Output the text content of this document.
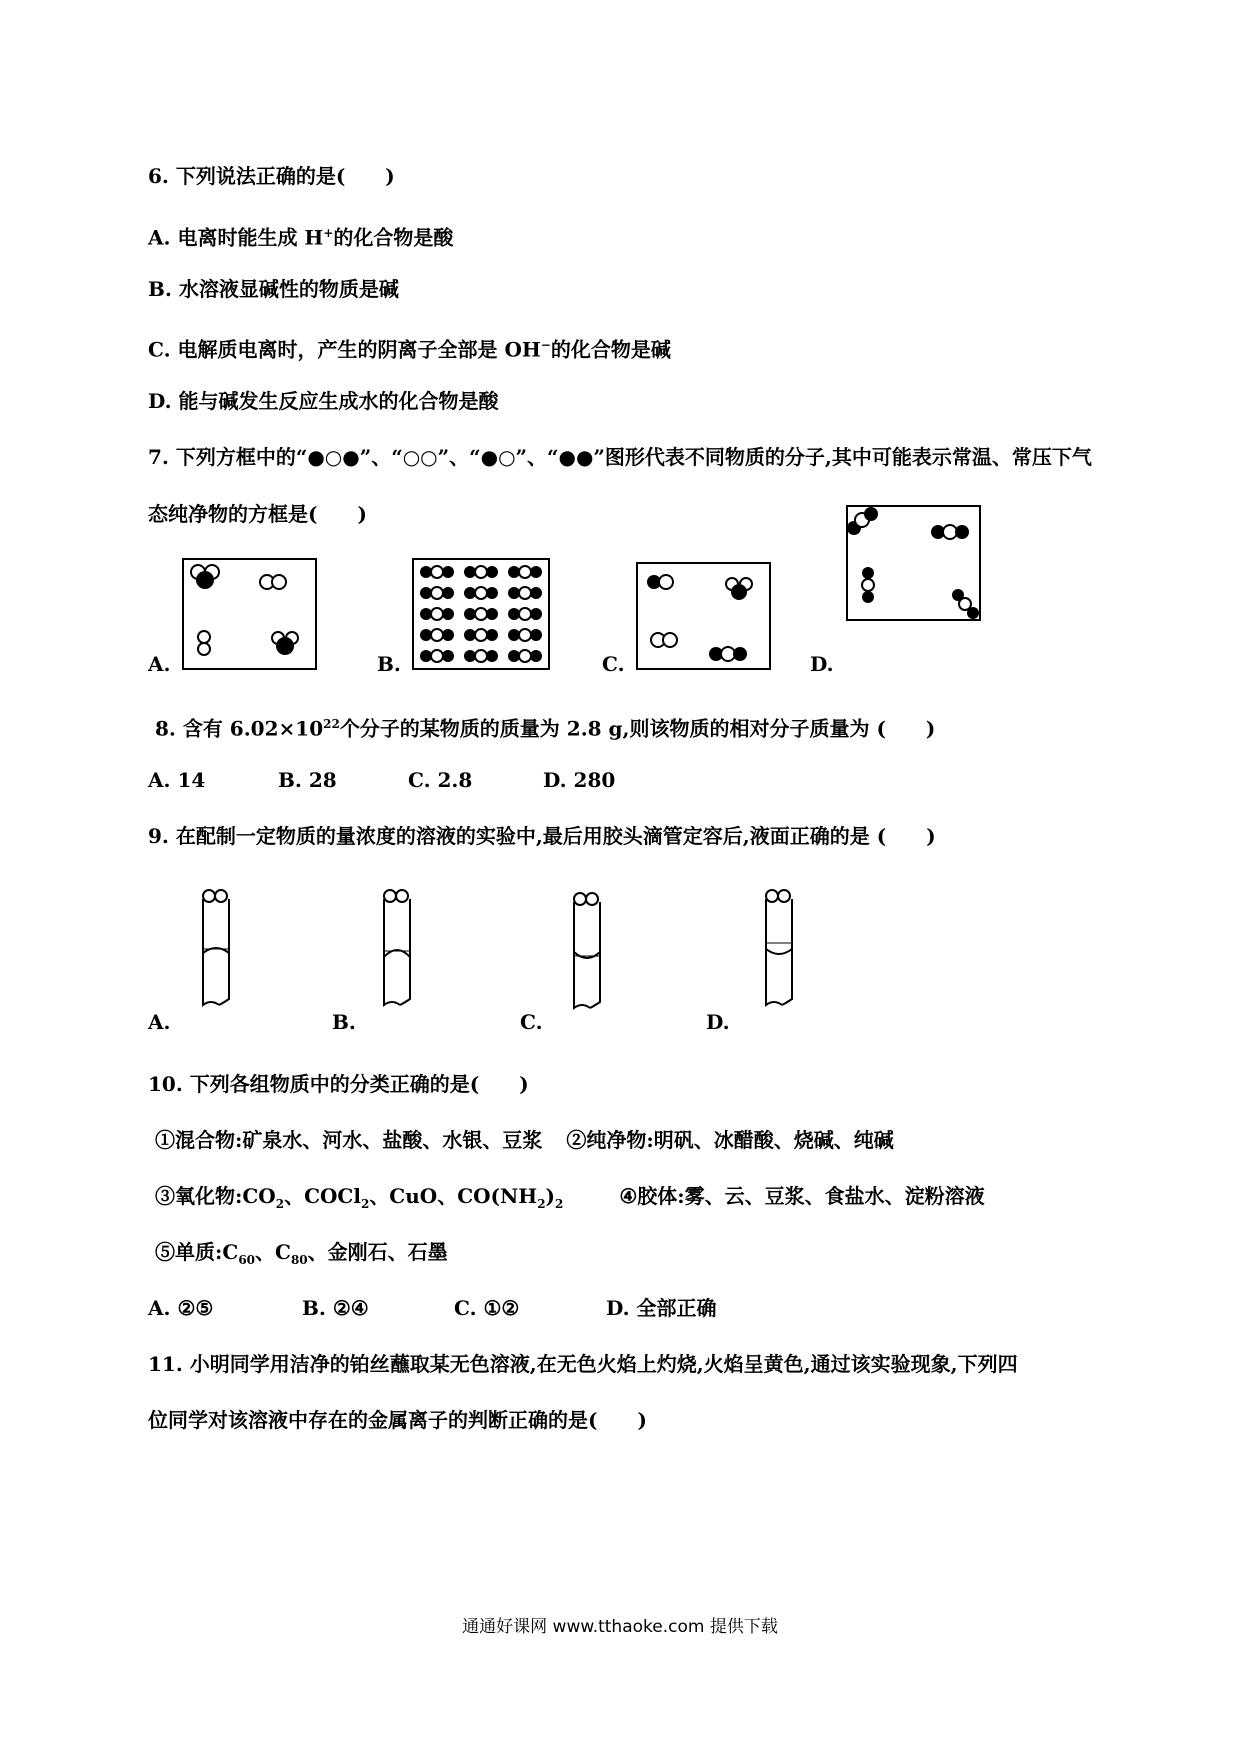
6. 下列说法正确的是(　　)
A. 电离时能生成 H+的化合物是酸
B. 水溶液显碱性的物质是碱
C. 电解质电离时，产生的阴离子全部是 OH−的化合物是碱
D. 能与碱发生反应生成水的化合物是酸
7. 下列方框中的“●○●”、“○○”、“●○”、“●●”图形代表不同物质的分子,其中可能表示常温、常压下气
态纯净物的方框是(　　)
A.	B.	C.	D.
8. 含有 $6.02\times 10^{22}$个分子的某物质的质量为 2.8 g,则该物质的相对分子质量为 (　　)
A. 14	B. 28	C. 2.8	D. 280
9. 在配制一定物质的量浓度的溶液的实验中,最后用胶头滴管定容后,液面正确的是 (　　)
A.	B.	C.	D.
10. 下列各组物质中的分类正确的是(　　)
①混合物:矿泉水、河水、盐酸、水银、豆浆 ②纯净物:明矾、冰醋酸、烧碱、纯碱
③氧化物$:CO_2$、COCl$_2$、CuO、$CO(NH_2)_2$	④胶体:雾、云、豆浆、食盐水、淀粉溶液
⑤单质$:C_{60}$、$C_{80}$、金刚石、石墨
A. ②⑤	B. ②④	C. ①②	D. 全部正确
11. 小明同学用洁净的铂丝蘸取某无色溶液,在无色火焰上灼烧,火焰呈黄色,通过该实验现象,下列四
位同学对该溶液中存在的金属离子的判断正确的是(　　)
通通好课网 www.tthaoke.com 提供下载
